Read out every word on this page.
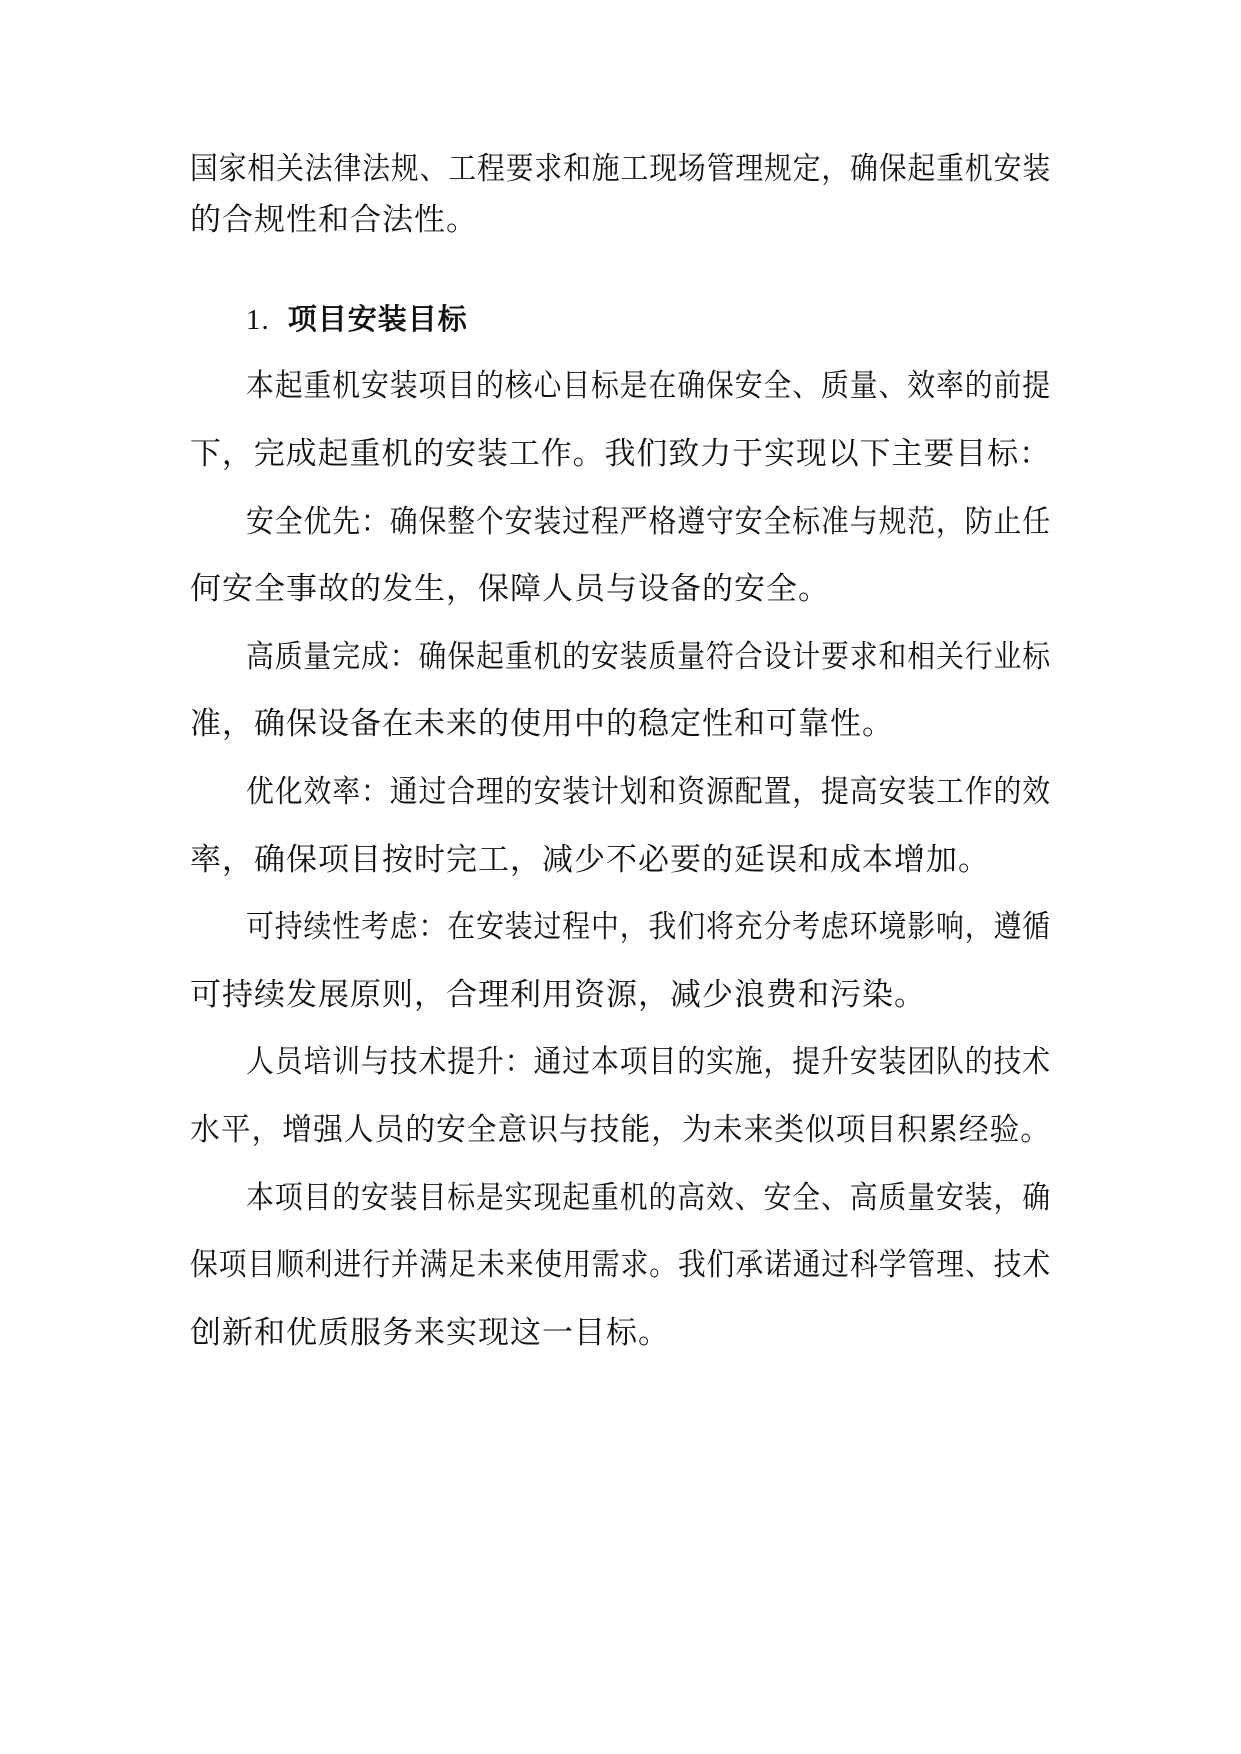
国家相关法律法规、工程要求和施工现场管理规定，确保起重机安装

的合规性和合法性。

1. 项目安装目标

本起重机安装项目的核心目标是在确保安全、质量、效率的前提

下，完成起重机的安装工作。我们致力于实现以下主要目标：

安全优先：确保整个安装过程严格遵守安全标准与规范，防止任

何安全事故的发生，保障人员与设备的安全。

高质量完成：确保起重机的安装质量符合设计要求和相关行业标

准，确保设备在未来的使用中的稳定性和可靠性。

优化效率：通过合理的安装计划和资源配置，提高安装工作的效

率，确保项目按时完工，减少不必要的延误和成本增加。

可持续性考虑：在安装过程中，我们将充分考虑环境影响，遵循

可持续发展原则，合理利用资源，减少浪费和污染。

人员培训与技术提升：通过本项目的实施，提升安装团队的技术

水平，增强人员的安全意识与技能，为未来类似项目积累经验。

本项目的安装目标是实现起重机的高效、安全、高质量安装，确

保项目顺利进行并满足未来使用需求。我们承诺通过科学管理、技术

创新和优质服务来实现这一目标。
